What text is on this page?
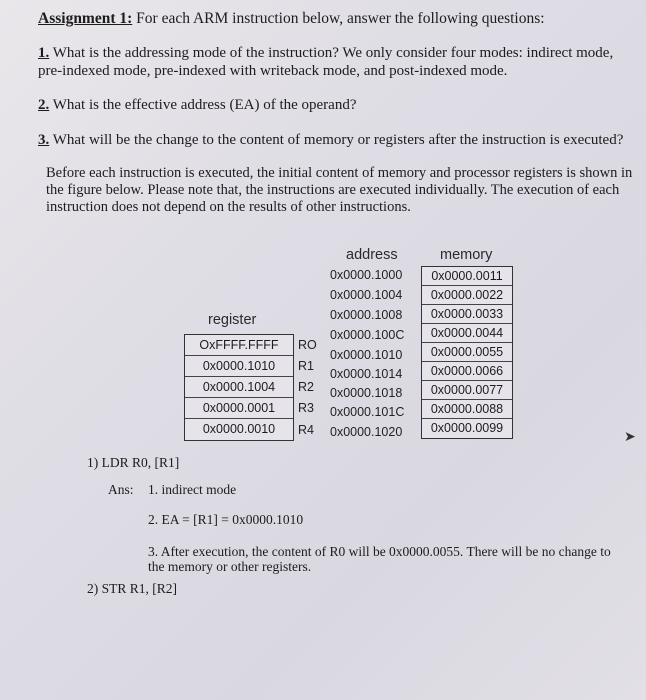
Assignment 1: For each ARM instruction below, answer the following questions:
1. What is the addressing mode of the instruction? We only consider four modes: indirect mode, pre-indexed mode, pre-indexed with writeback mode, and post-indexed mode.
2. What is the effective address (EA) of the operand?
3. What will be the change to the content of memory or registers after the instruction is executed?
Before each instruction is executed, the initial content of memory and processor registers is shown in the figure below. Please note that, the instructions are executed individually. The execution of each instruction does not depend on the results of other instructions.
address	memory
register
0x0000.1000
0x0000.1004
0x0000.1008
0x0000.100C
0x0000.1010
0x0000.1014
0x0000.1018
0x0000.101C
0x0000.1020
0x0000.0011
0x0000.0022
0x0000.0033
0x0000.0044
0x0000.0055
0x0000.0066
0x0000.0077
0x0000.0088
0x0000.0099
OxFFFF.FFFF
0x0000.1010
0x0000.1004
0x0000.0001
0x0000.0010
RO
R1
R2
R3
R4	➤
1) LDR R0, [R1]
Ans: 1. indirect mode
2. EA = [R1] = 0x0000.1010
3. After execution, the content of R0 will be 0x0000.0055. There will be no change to the memory or other registers.
2) STR R1, [R2]
